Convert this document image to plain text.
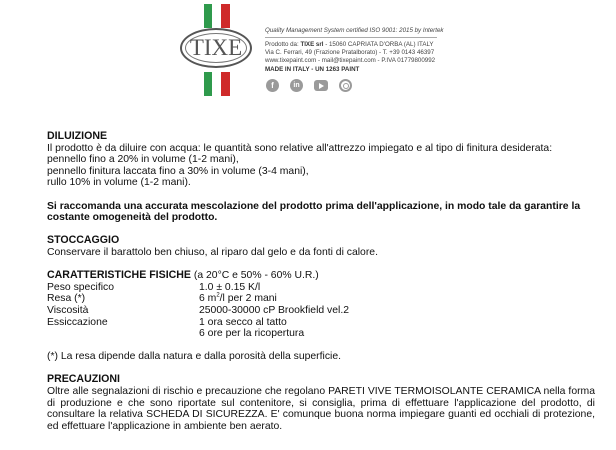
TIXE
Quality Management System certified ISO 9001: 2015 by Intertek
Prodotto da: TIXE srl - 15060 CAPRIATA D'ORBA (AL) ITALY
Via C. Ferrari, 49 (Frazione Pratalborato) - T. +39 0143 46397
www.tixepaint.com - mail@tixepaint.com - P.IVA 01779800992
MADE IN ITALY - UN 1263 PAINT
f	in
DILUIZIONE

Il prodotto è da diluire con acqua: le quantità sono relative all'attrezzo impiegato e al tipo di finitura desiderata:

pennello fino a 20% in volume (1-2 mani),

pennello finitura laccata fino a 30% in volume (3-4 mani),

rullo 10% in volume (1-2 mani).

Si raccomanda una accurata mescolazione del prodotto prima dell'applicazione, in modo tale da garantire la

costante omogeneità del prodotto.

STOCCAGGIO

Conservare il barattolo ben chiuso, al riparo dal gelo e da fonti di calore.

CARATTERISTICHE FISICHE (a 20°C e 50% - 60% U.R.)
Peso specifico	1.0 ± 0.15 K/l
Resa (*)	6 $m^2/l$ per 2 mani
Viscosità	25000-30000 cP Brookfield vel.2
Essiccazione	1 ora secco al tatto
6 ore per la ricopertura

(*) La resa dipende dalla natura e dalla porosità della superficie.

PRECAUZIONI

Oltre alle segnalazioni di rischio e precauzione che regolano PARETI VIVE TERMOISOLANTE CERAMICA nella forma di produzione e che sono riportate sul contenitore, si consiglia, prima di effettuare l'applicazione del prodotto, di consultare la relativa SCHEDA DI SICUREZZA. E' comunque buona norma impiegare guanti ed occhiali di protezione, ed effettuare l'applicazione in ambiente ben aerato.
